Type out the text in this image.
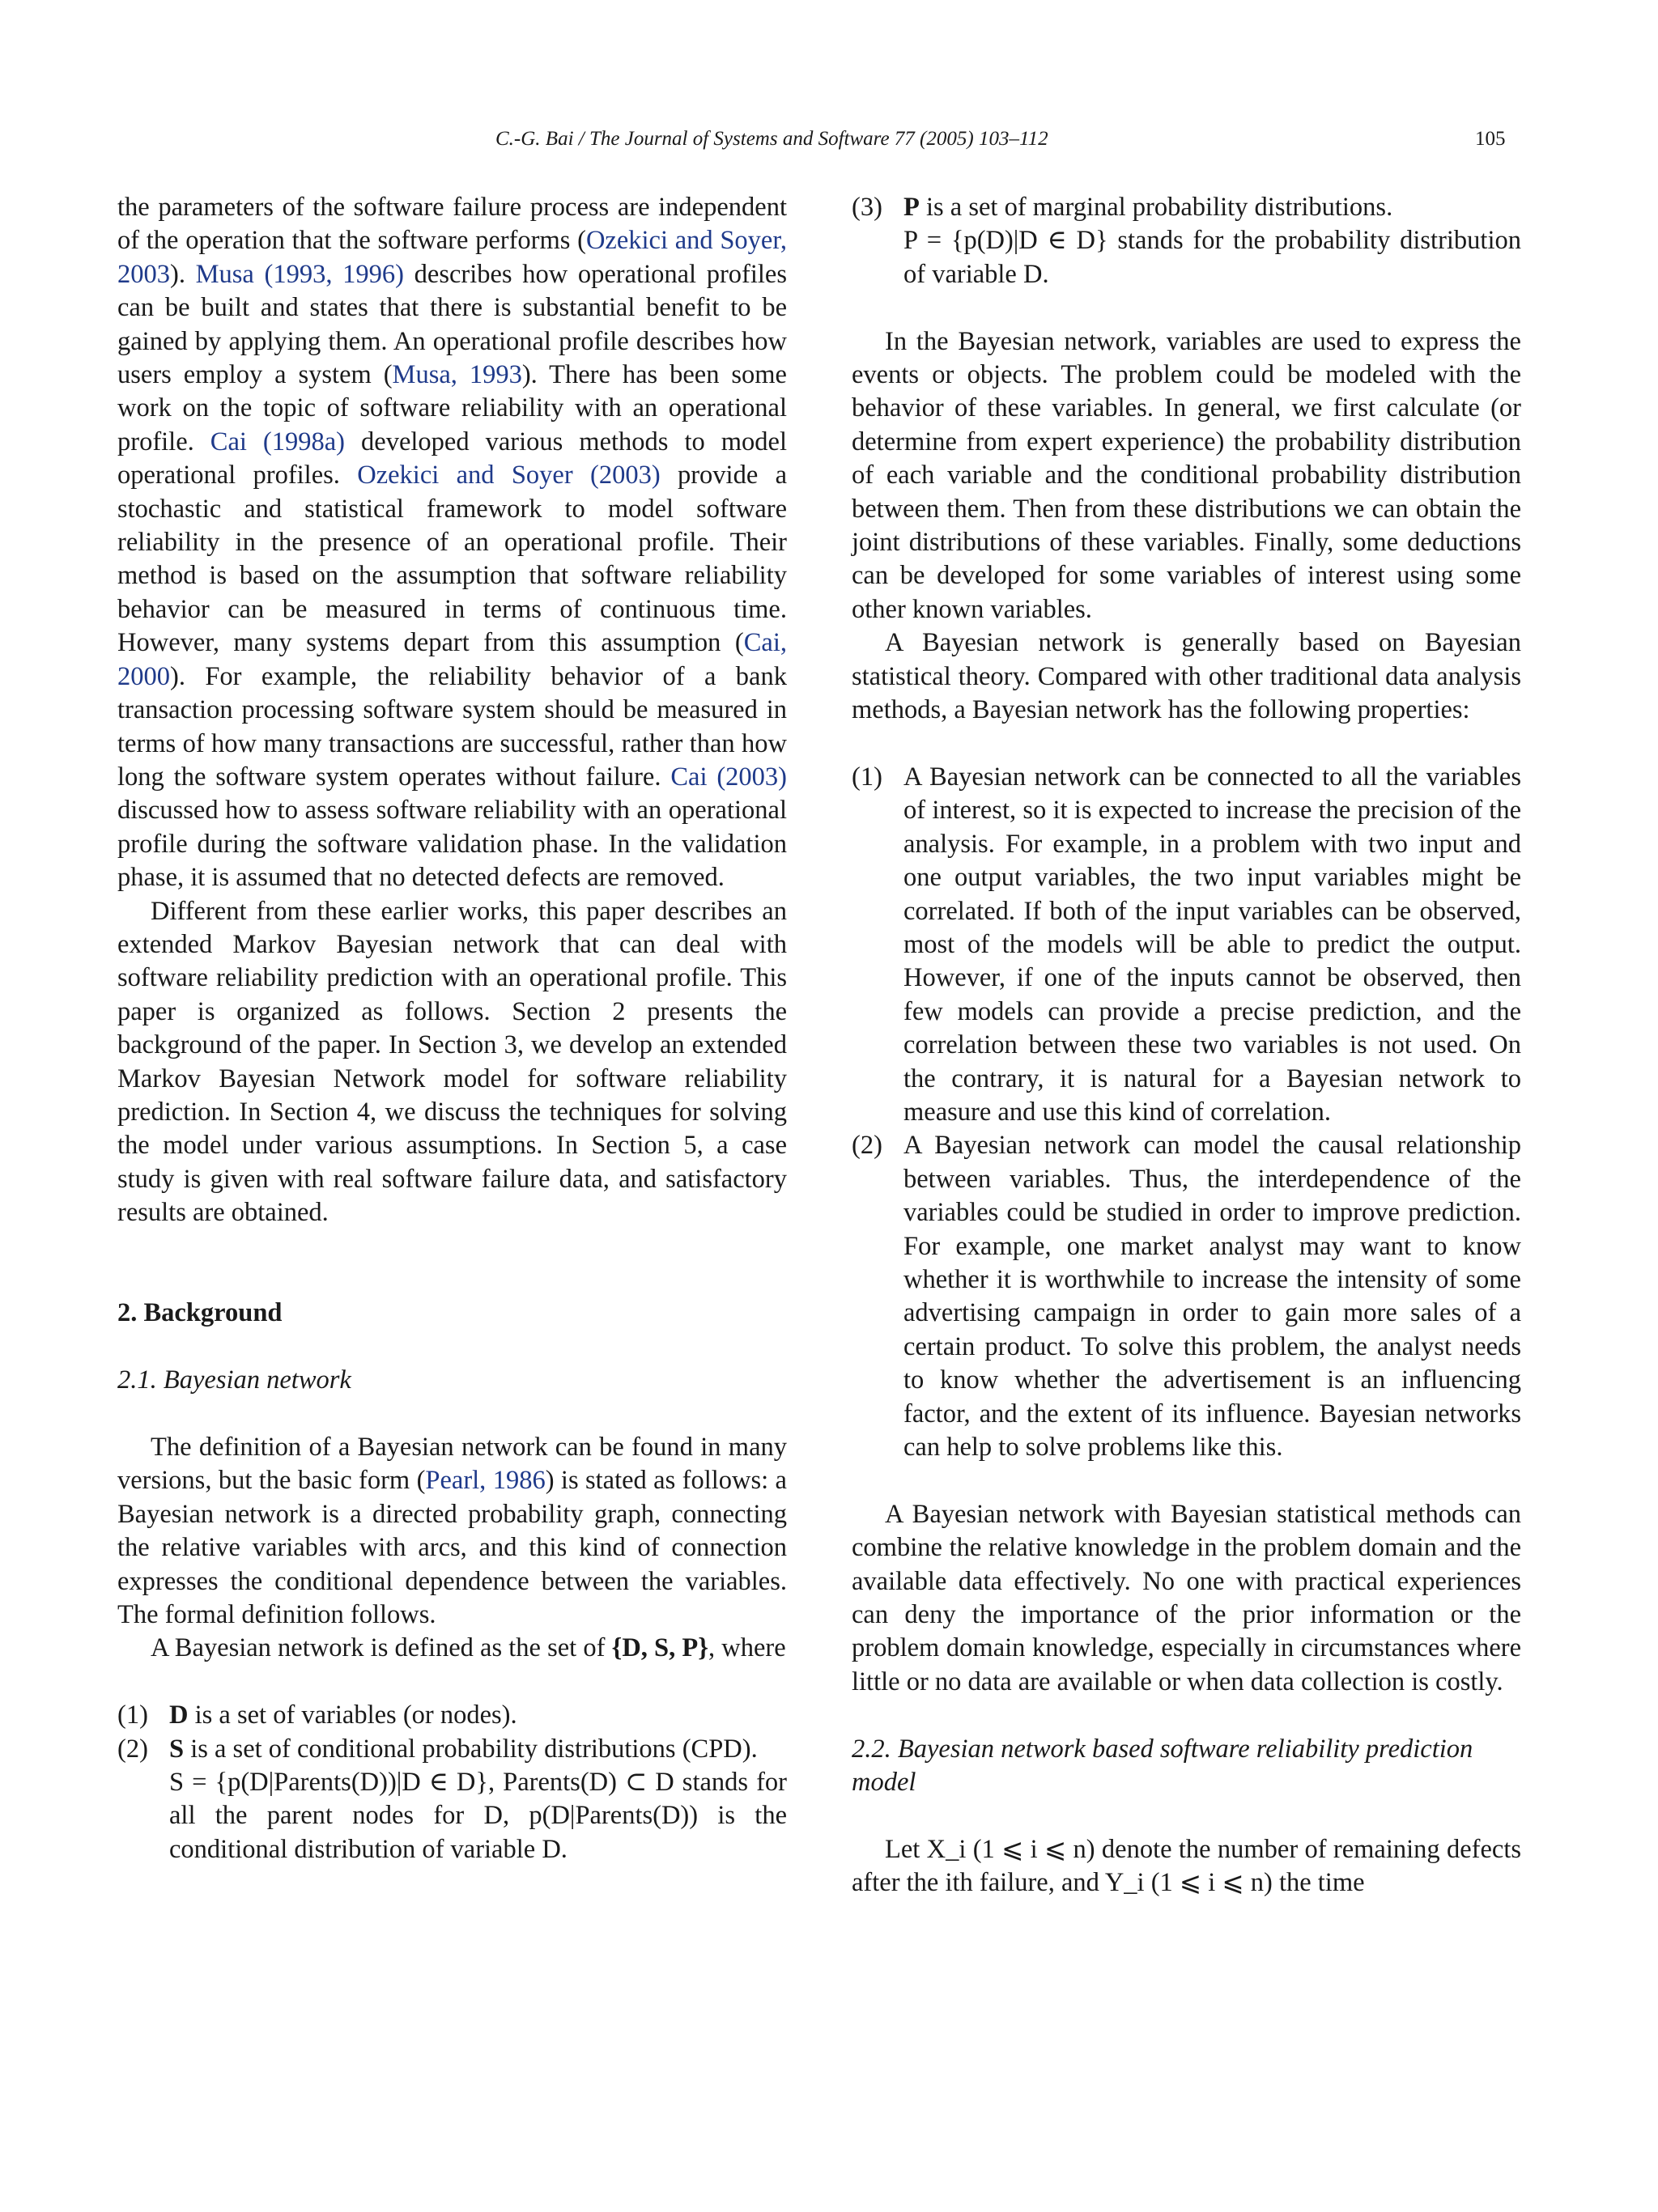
C.-G. Bai / The Journal of Systems and Software 77 (2005) 103–112	105

the parameters of the software failure process are independent of the operation that the software performs (Ozekici and Soyer, 2003). Musa (1993, 1996) describes how operational profiles can be built and states that there is substantial benefit to be gained by applying them. An operational profile describes how users employ a system (Musa, 1993). There has been some work on the topic of software reliability with an operational profile. Cai (1998a) developed various methods to model operational profiles. Ozekici and Soyer (2003) provide a stochastic and statistical framework to model software reliability in the presence of an operational profile. Their method is based on the assumption that software reliability behavior can be measured in terms of continuous time. However, many systems depart from this assumption (Cai, 2000). For example, the reliability behavior of a bank transaction processing software system should be measured in terms of how many transactions are successful, rather than how long the software system operates without failure. Cai (2003) discussed how to assess software reliability with an operational profile during the software validation phase. In the validation phase, it is assumed that no detected defects are removed.

Different from these earlier works, this paper describes an extended Markov Bayesian network that can deal with software reliability prediction with an operational profile. This paper is organized as follows. Section 2 presents the background of the paper. In Section 3, we develop an extended Markov Bayesian Network model for software reliability prediction. In Section 4, we discuss the techniques for solving the model under various assumptions. In Section 5, a case study is given with real software failure data, and satisfactory results are obtained.

2. Background
2.1. Bayesian network

The definition of a Bayesian network can be found in many versions, but the basic form (Pearl, 1986) is stated as follows: a Bayesian network is a directed probability graph, connecting the relative variables with arcs, and this kind of connection expresses the conditional dependence between the variables. The formal definition follows.

A Bayesian network is defined as the set of {D, S, P}, where

(1) D is a set of variables (or nodes).
(2) S is a set of conditional probability distributions (CPD).
S = {p(D|Parents(D))|D ∈ D}, Parents(D) ⊂ D stands for all the parent nodes for D, p(D|Parents(D)) is the conditional distribution of variable D.
(3) P is a set of marginal probability distributions.
P = {p(D)|D ∈ D} stands for the probability distribution of variable D.

In the Bayesian network, variables are used to express the events or objects. The problem could be modeled with the behavior of these variables. In general, we first calculate (or determine from expert experience) the probability distribution of each variable and the conditional probability distribution between them. Then from these distributions we can obtain the joint distributions of these variables. Finally, some deductions can be developed for some variables of interest using some other known variables.

A Bayesian network is generally based on Bayesian statistical theory. Compared with other traditional data analysis methods, a Bayesian network has the following properties:

(1) A Bayesian network can be connected to all the variables of interest, so it is expected to increase the precision of the analysis. For example, in a problem with two input and one output variables, the two input variables might be correlated. If both of the input variables can be observed, most of the models will be able to predict the output. However, if one of the inputs cannot be observed, then few models can provide a precise prediction, and the correlation between these two variables is not used. On the contrary, it is natural for a Bayesian network to measure and use this kind of correlation.
(2) A Bayesian network can model the causal relationship between variables. Thus, the interdependence of the variables could be studied in order to improve prediction. For example, one market analyst may want to know whether it is worthwhile to increase the intensity of some advertising campaign in order to gain more sales of a certain product. To solve this problem, the analyst needs to know whether the advertisement is an influencing factor, and the extent of its influence. Bayesian networks can help to solve problems like this.

A Bayesian network with Bayesian statistical methods can combine the relative knowledge in the problem domain and the available data effectively. No one with practical experiences can deny the importance of the prior information or the problem domain knowledge, especially in circumstances where little or no data are available or when data collection is costly.

2.2. Bayesian network based software reliability prediction model

Let X_i (1 ⩽ i ⩽ n) denote the number of remaining defects after the ith failure, and Y_i (1 ⩽ i ⩽ n) the time
